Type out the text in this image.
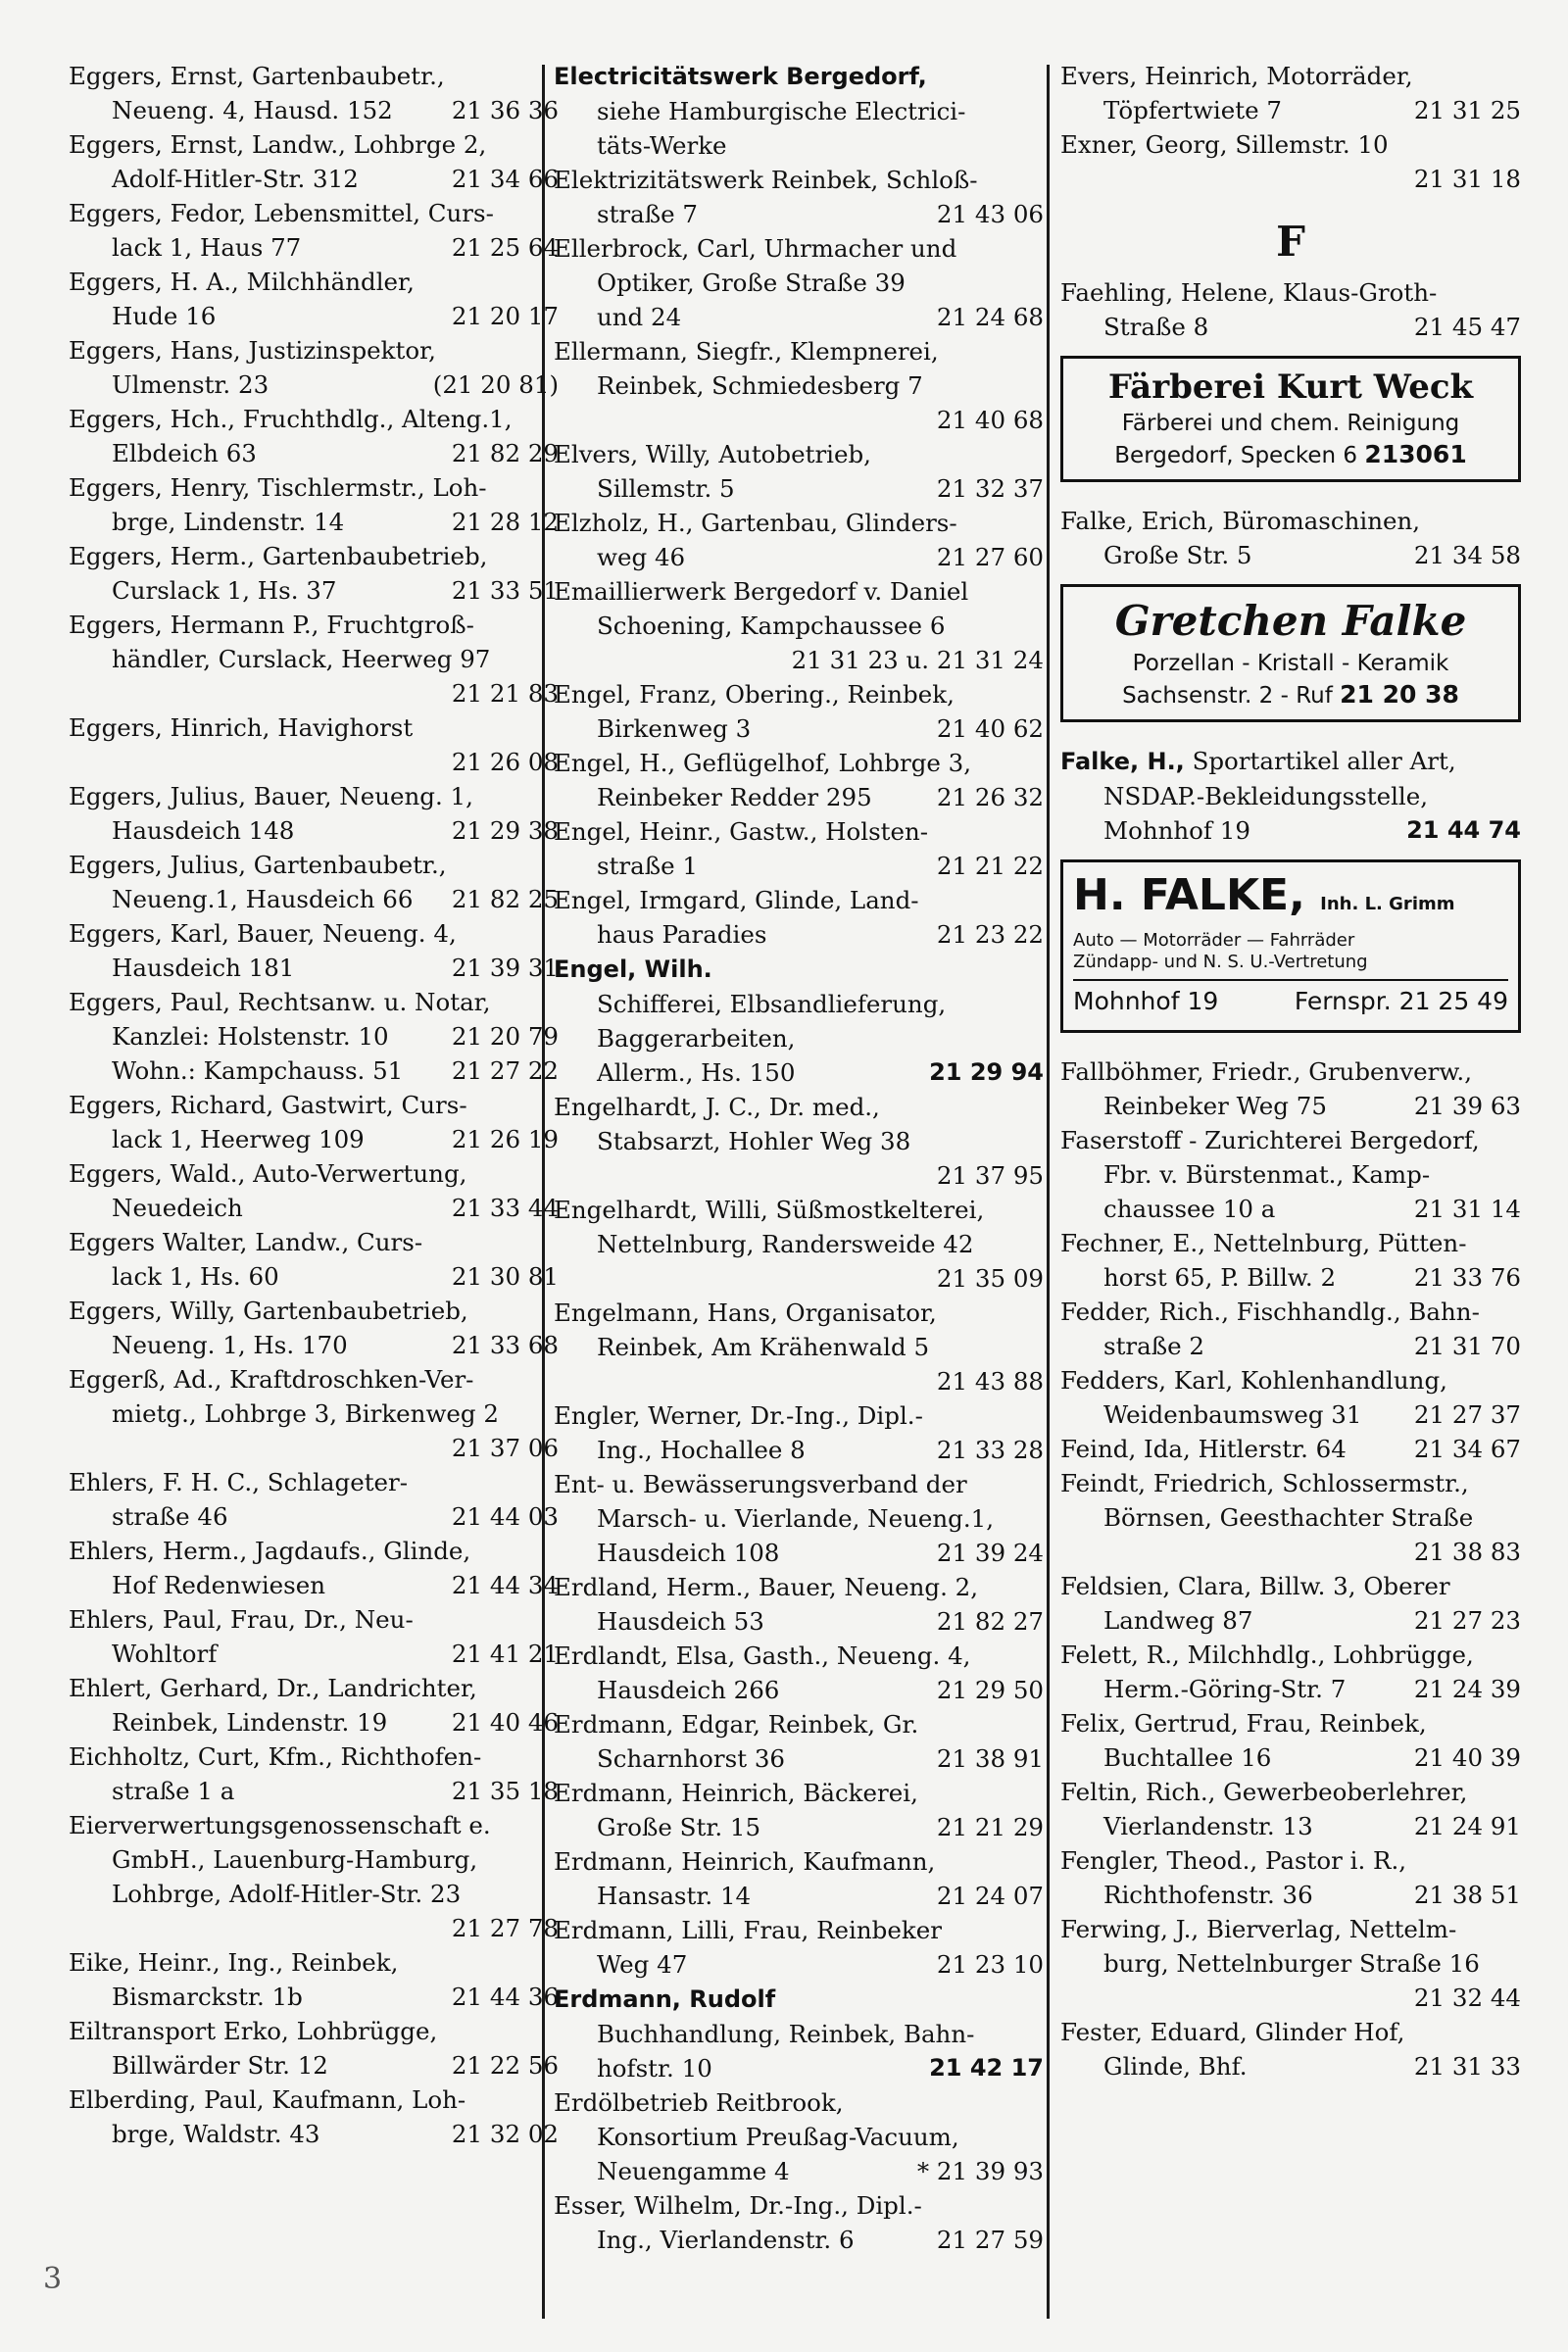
Eggers, Ernst, Gartenbaubetr.,
Neueng. 4, Hausd. 152 21 36 36
Eggers, Ernst, Landw., Lohbrge 2,
Adolf-Hitler-Str. 312	21 34 66
Eggers, Fedor, Lebensmittel, Curs-
lack 1, Haus 77	21 25 64
Eggers, H. A., Milchhändler,
Hude 16	21 20 17
Eggers, Hans, Justizinspektor,
Ulmenstr. 23	(21 20 81)
Eggers, Hch., Fruchthdlg., Alteng.1,
Elbdeich 63	21 82 29
Eggers, Henry, Tischlermstr., Loh-
brge, Lindenstr. 14	21 28 12
Eggers, Herm., Gartenbaubetrieb,
Curslack 1, Hs. 37	21 33 51
Eggers, Hermann P., Fruchtgroß-
händler, Curslack, Heerweg 97
21 21 83
Eggers, Hinrich, Havighorst
21 26 08
Eggers, Julius, Bauer, Neueng. 1,
Hausdeich 148	21 29 38
Eggers, Julius, Gartenbaubetr.,
Neueng.1, Hausdeich 66 21 82 25
Eggers, Karl, Bauer, Neueng. 4,
Hausdeich 181	21 39 31
Eggers, Paul, Rechtsanw. u. Notar,
Kanzlei: Holstenstr. 10	21 20 79
Wohn.: Kampchauss. 51 21 27 22
Eggers, Richard, Gastwirt, Curs-
lack 1, Heerweg 109	21 26 19
Eggers, Wald., Auto-Verwertung,
Neuedeich	21 33 44
Eggers Walter, Landw., Curs-
lack 1, Hs. 60	21 30 81
Eggers, Willy, Gartenbaubetrieb,
Neueng. 1, Hs. 170	21 33 68
Eggerß, Ad., Kraftdroschken-Ver-
mietg., Lohbrge 3, Birkenweg 2
21 37 06
Ehlers, F. H. C., Schlageter-
straße 46	21 44 03
Ehlers, Herm., Jagdaufs., Glinde,
Hof Redenwiesen	21 44 34
Ehlers, Paul, Frau, Dr., Neu-
Wohltorf	21 41 21
Ehlert, Gerhard, Dr., Landrichter,
Reinbek, Lindenstr. 19	21 40 46
Eichholtz, Curt, Kfm., Richthofen-
straße 1 a	21 35 18
Eierverwertungsgenossenschaft e.
GmbH., Lauenburg-Hamburg,
Lohbrge, Adolf-Hitler-Str. 23
21 27 78
Eike, Heinr., Ing., Reinbek,
Bismarckstr. 1b	21 44 36
Eiltransport Erko, Lohbrügge,
Billwärder Str. 12	21 22 56
Elberding, Paul, Kaufmann, Loh-
brge, Waldstr. 43	21 32 02
Electricitätswerk Bergedorf,
siehe Hamburgische Electrici-
täts-Werke
Elektrizitätswerk Reinbek, Schloß-
straße 7	21 43 06
Ellerbrock, Carl, Uhrmacher und
Optiker, Große Straße 39
und 24	21 24 68
Ellermann, Siegfr., Klempnerei,
Reinbek, Schmiedesberg 7
21 40 68
Elvers, Willy, Autobetrieb,
Sillemstr. 5	21 32 37
Elzholz, H., Gartenbau, Glinders-
weg 46	21 27 60
Emaillierwerk Bergedorf v. Daniel
Schoening, Kampchaussee 6
21 31 23 u. 21 31 24
Engel, Franz, Obering., Reinbek,
Birkenweg 3	21 40 62
Engel, H., Geflügelhof, Lohbrge 3,
Reinbeker Redder 295	21 26 32
Engel, Heinr., Gastw., Holsten-
straße 1	21 21 22
Engel, Irmgard, Glinde, Land-
haus Paradies	21 23 22
Engel, Wilh.
Schifferei, Elbsandlieferung,
Baggerarbeiten,
Allerm., Hs. 150	21 29 94
Engelhardt, J. C., Dr. med.,
Stabsarzt, Hohler Weg 38
21 37 95
Engelhardt, Willi, Süßmostkelterei,
Nettelnburg, Randersweide 42
21 35 09
Engelmann, Hans, Organisator,
Reinbek, Am Krähenwald 5
21 43 88
Engler, Werner, Dr.-Ing., Dipl.-
Ing., Hochallee 8	21 33 28
Ent- u. Bewässerungsverband der
Marsch- u. Vierlande, Neueng.1,
Hausdeich 108	21 39 24
Erdland, Herm., Bauer, Neueng. 2,
Hausdeich 53	21 82 27
Erdlandt, Elsa, Gasth., Neueng. 4,
Hausdeich 266	21 29 50
Erdmann, Edgar, Reinbek, Gr.
Scharnhorst 36	21 38 91
Erdmann, Heinrich, Bäckerei,
Große Str. 15	21 21 29
Erdmann, Heinrich, Kaufmann,
Hansastr. 14	21 24 07
Erdmann, Lilli, Frau, Reinbeker
Weg 47	21 23 10
Erdmann, Rudolf
Buchhandlung, Reinbek, Bahn-
hofstr. 10	21 42 17
Erdölbetrieb Reitbrook,
Konsortium Preußag-Vacuum,
Neuengamme 4	* 21 39 93
Esser, Wilhelm, Dr.-Ing., Dipl.-
Ing., Vierlandenstr. 6	21 27 59
Evers, Heinrich, Motorräder,
Töpfertwiete 7	21 31 25
Exner, Georg, Sillemstr. 10
21 31 18
F
Faehling, Helene, Klaus-Groth-
Straße 8	21 45 47
Färberei Kurt Weck
Färberei und chem. Reinigung
Bergedorf, Specken 6 213061
Falke, Erich, Büromaschinen,
Große Str. 5	21 34 58
Gretchen Falke
Porzellan - Kristall - Keramik
Sachsenstr. 2 - Ruf 21 20 38
Falke, H., Sportartikel aller Art,
NSDAP.-Bekleidungsstelle,
Mohnhof 19	21 44 74
H. FALKE, Inh. L. Grimm
Auto — Motorräder — Fahrräder
Zündapp- und N. S. U.-Vertretung
Mohnhof 19	Fernspr. 21 25 49
Fallböhmer, Friedr., Grubenverw.,
Reinbeker Weg 75	21 39 63
Faserstoff - Zurichterei Bergedorf,
Fbr. v. Bürstenmat., Kamp-
chaussee 10 a	21 31 14
Fechner, E., Nettelnburg, Pütten-
horst 65, P. Billw. 2	21 33 76
Fedder, Rich., Fischhandlg., Bahn-
straße 2	21 31 70
Fedders, Karl, Kohlenhandlung,
Weidenbaumsweg 31 21 27 37
Feind, Ida, Hitlerstr. 64	21 34 67
Feindt, Friedrich, Schlossermstr.,
Börnsen, Geesthachter Straße
21 38 83
Feldsien, Clara, Billw. 3, Oberer
Landweg 87	21 27 23
Felett, R., Milchhdlg., Lohbrügge,
Herm.-Göring-Str. 7	21 24 39
Felix, Gertrud, Frau, Reinbek,
Buchtallee 16	21 40 39
Feltin, Rich., Gewerbeoberlehrer,
Vierlandenstr. 13	21 24 91
Fengler, Theod., Pastor i. R.,
Richthofenstr. 36	21 38 51
Ferwing, J., Bierverlag, Nettelm-
burg, Nettelnburger Straße 16
21 32 44
Fester, Eduard, Glinder Hof,
Glinde, Bhf.	21 31 33
3
